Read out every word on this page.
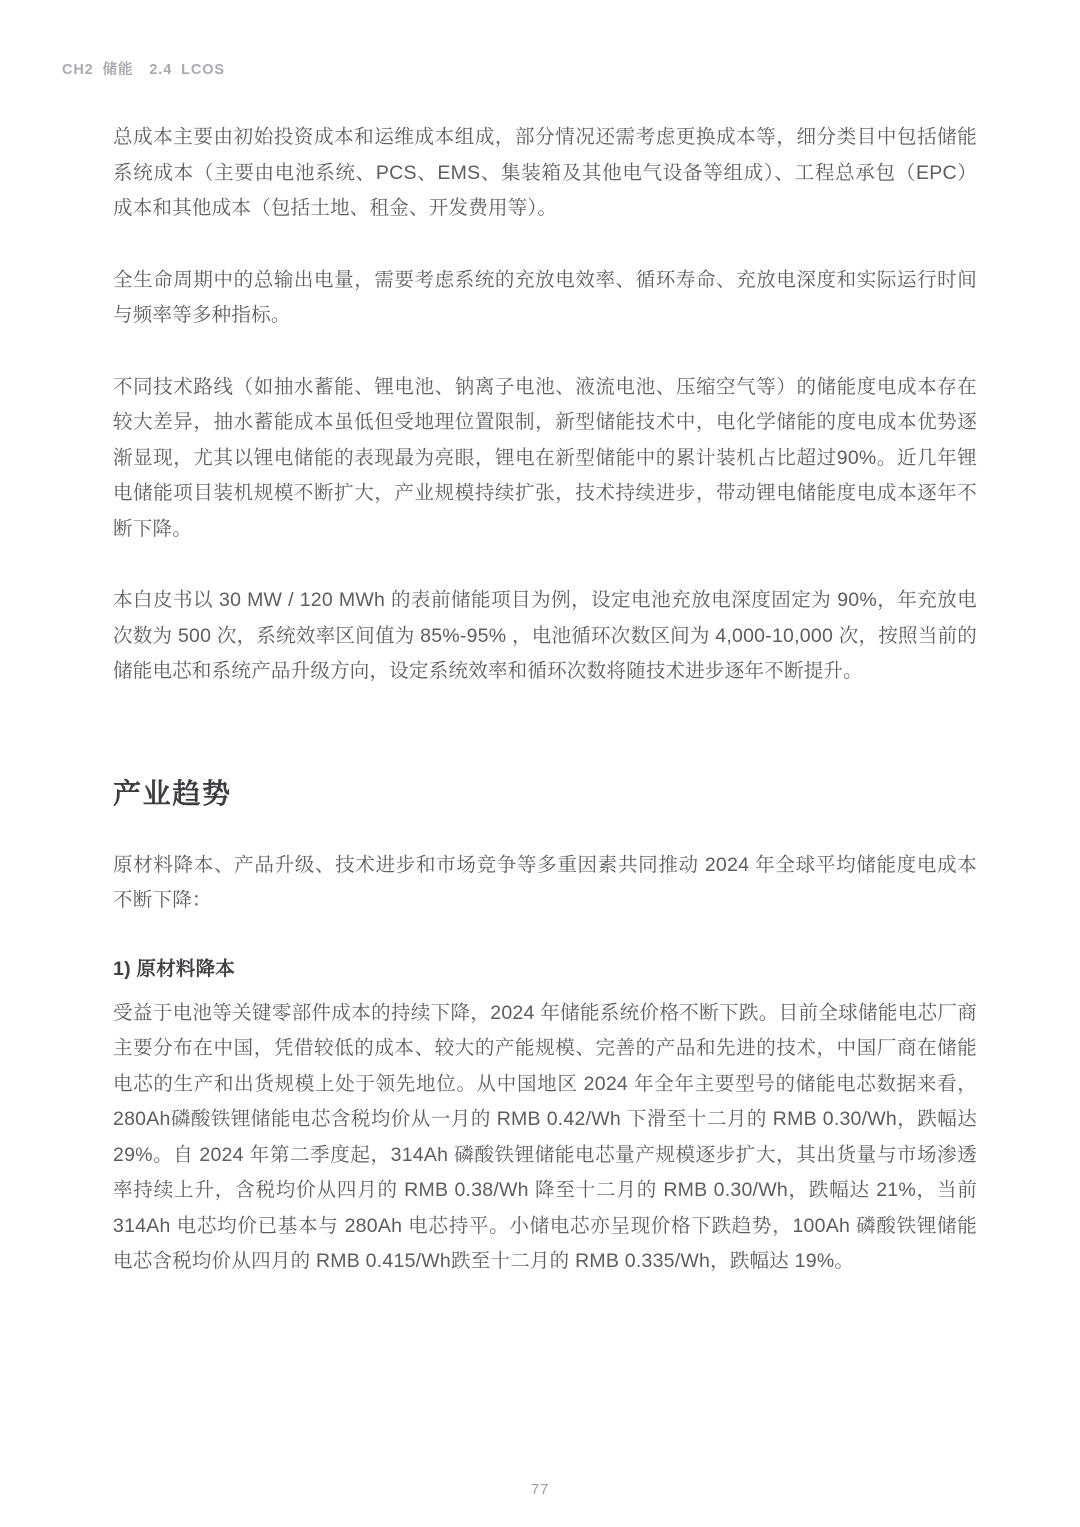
CH2 储能 2.4 LCOS

总成本主要由初始投资成本和运维成本组成，部分情况还需考虑更换成本等，细分类目中包括储能系统成本（主要由电池系统、PCS、EMS、集装箱及其他电气设备等组成）、工程总承包（EPC）成本和其他成本（包括土地、租金、开发费用等）。

全生命周期中的总输出电量，需要考虑系统的充放电效率、循环寿命、充放电深度和实际运行时间与频率等多种指标。

不同技术路线（如抽水蓄能、锂电池、钠离子电池、液流电池、压缩空气等）的储能度电成本存在较大差异，抽水蓄能成本虽低但受地理位置限制，新型储能技术中，电化学储能的度电成本优势逐渐显现，尤其以锂电储能的表现最为亮眼，锂电在新型储能中的累计装机占比超过90%。近几年锂电储能项目装机规模不断扩大，产业规模持续扩张，技术持续进步，带动锂电储能度电成本逐年不断下降。

本白皮书以 30 MW / 120 MWh 的表前储能项目为例，设定电池充放电深度固定为 90%，年充放电次数为 500 次，系统效率区间值为 85%-95% ，电池循环次数区间为 4,000-10,000 次，按照当前的储能电芯和系统产品升级方向，设定系统效率和循环次数将随技术进步逐年不断提升。

产业趋势

原材料降本、产品升级、技术进步和市场竞争等多重因素共同推动 2024 年全球平均储能度电成本不断下降：

1) 原材料降本

受益于电池等关键零部件成本的持续下降，2024 年储能系统价格不断下跌。目前全球储能电芯厂商主要分布在中国，凭借较低的成本、较大的产能规模、完善的产品和先进的技术，中国厂商在储能电芯的生产和出货规模上处于领先地位。从中国地区 2024 年全年主要型号的储能电芯数据来看，280Ah磷酸铁锂储能电芯含税均价从一月的 RMB 0.42/Wh 下滑至十二月的 RMB 0.30/Wh，跌幅达 29%。自 2024 年第二季度起，314Ah 磷酸铁锂储能电芯量产规模逐步扩大，其出货量与市场渗透率持续上升，含税均价从四月的 RMB 0.38/Wh 降至十二月的 RMB 0.30/Wh，跌幅达 21%，当前 314Ah 电芯均价已基本与 280Ah 电芯持平。小储电芯亦呈现价格下跌趋势，100Ah 磷酸铁锂储能电芯含税均价从四月的 RMB 0.415/Wh跌至十二月的 RMB 0.335/Wh，跌幅达 19%。

77
